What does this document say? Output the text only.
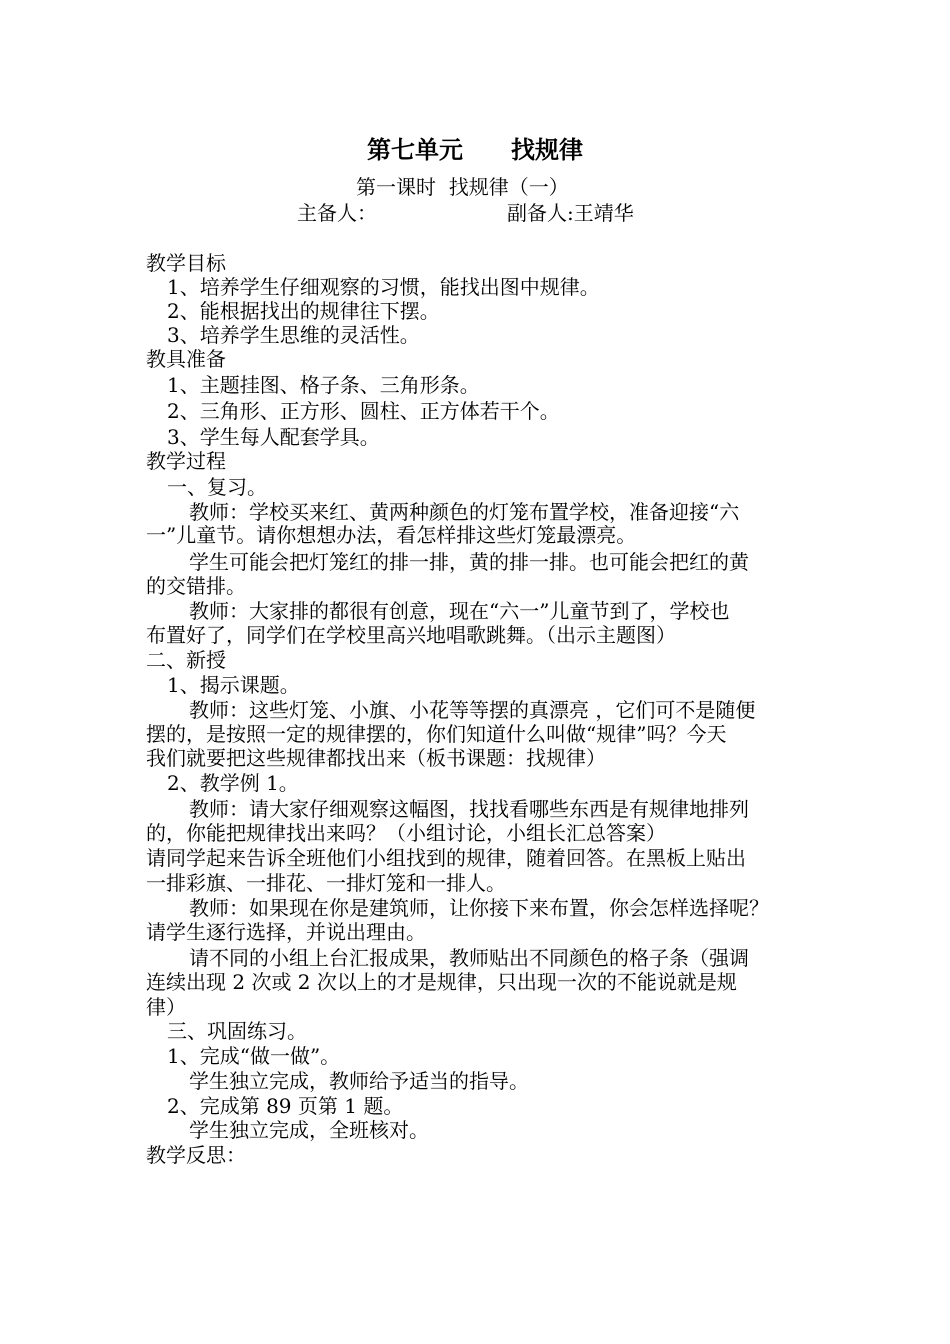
第七单元　　找规律
第一课时  找规律（一）
主备人：	副备人:王靖华
教学目标
1、培养学生仔细观察的习惯，能找出图中规律。
2、能根据找出的规律往下摆。
3、培养学生思维的灵活性。
教具准备
1、主题挂图、格子条、三角形条。
2、三角形、正方形、圆柱、正方体若干个。
3、学生每人配套学具。
教学过程
一、复习。
教师：学校买来红、黄两种颜色的灯笼布置学校，准备迎接“六
一”儿童节。请你想想办法，看怎样排这些灯笼最漂亮。
学生可能会把灯笼红的排一排，黄的排一排。也可能会把红的黄
的交错排。
教师：大家排的都很有创意，现在“六一”儿童节到了，学校也
布置好了，同学们在学校里高兴地唱歌跳舞。（出示主题图）
二、新授
1、揭示课题。
教师：这些灯笼、小旗、小花等等摆的真漂亮 ，它们可不是随便
摆的，是按照一定的规律摆的，你们知道什么叫做“规律”吗？今天
我们就要把这些规律都找出来（板书课题：找规律）
2、教学例 1。
教师：请大家仔细观察这幅图，找找看哪些东西是有规律地排列
的，你能把规律找出来吗？（小组讨论，小组长汇总答案）
请同学起来告诉全班他们小组找到的规律，随着回答。在黑板上贴出
一排彩旗、一排花、一排灯笼和一排人。
教师：如果现在你是建筑师，让你接下来布置，你会怎样选择呢？
请学生逐行选择，并说出理由。
请不同的小组上台汇报成果，教师贴出不同颜色的格子条（强调
连续出现 2 次或 2 次以上的才是规律，只出现一次的不能说就是规
律）
三、巩固练习。
1、完成“做一做”。
学生独立完成，教师给予适当的指导。
2、完成第 89 页第 1 题。
学生独立完成，全班核对。
教学反思：
